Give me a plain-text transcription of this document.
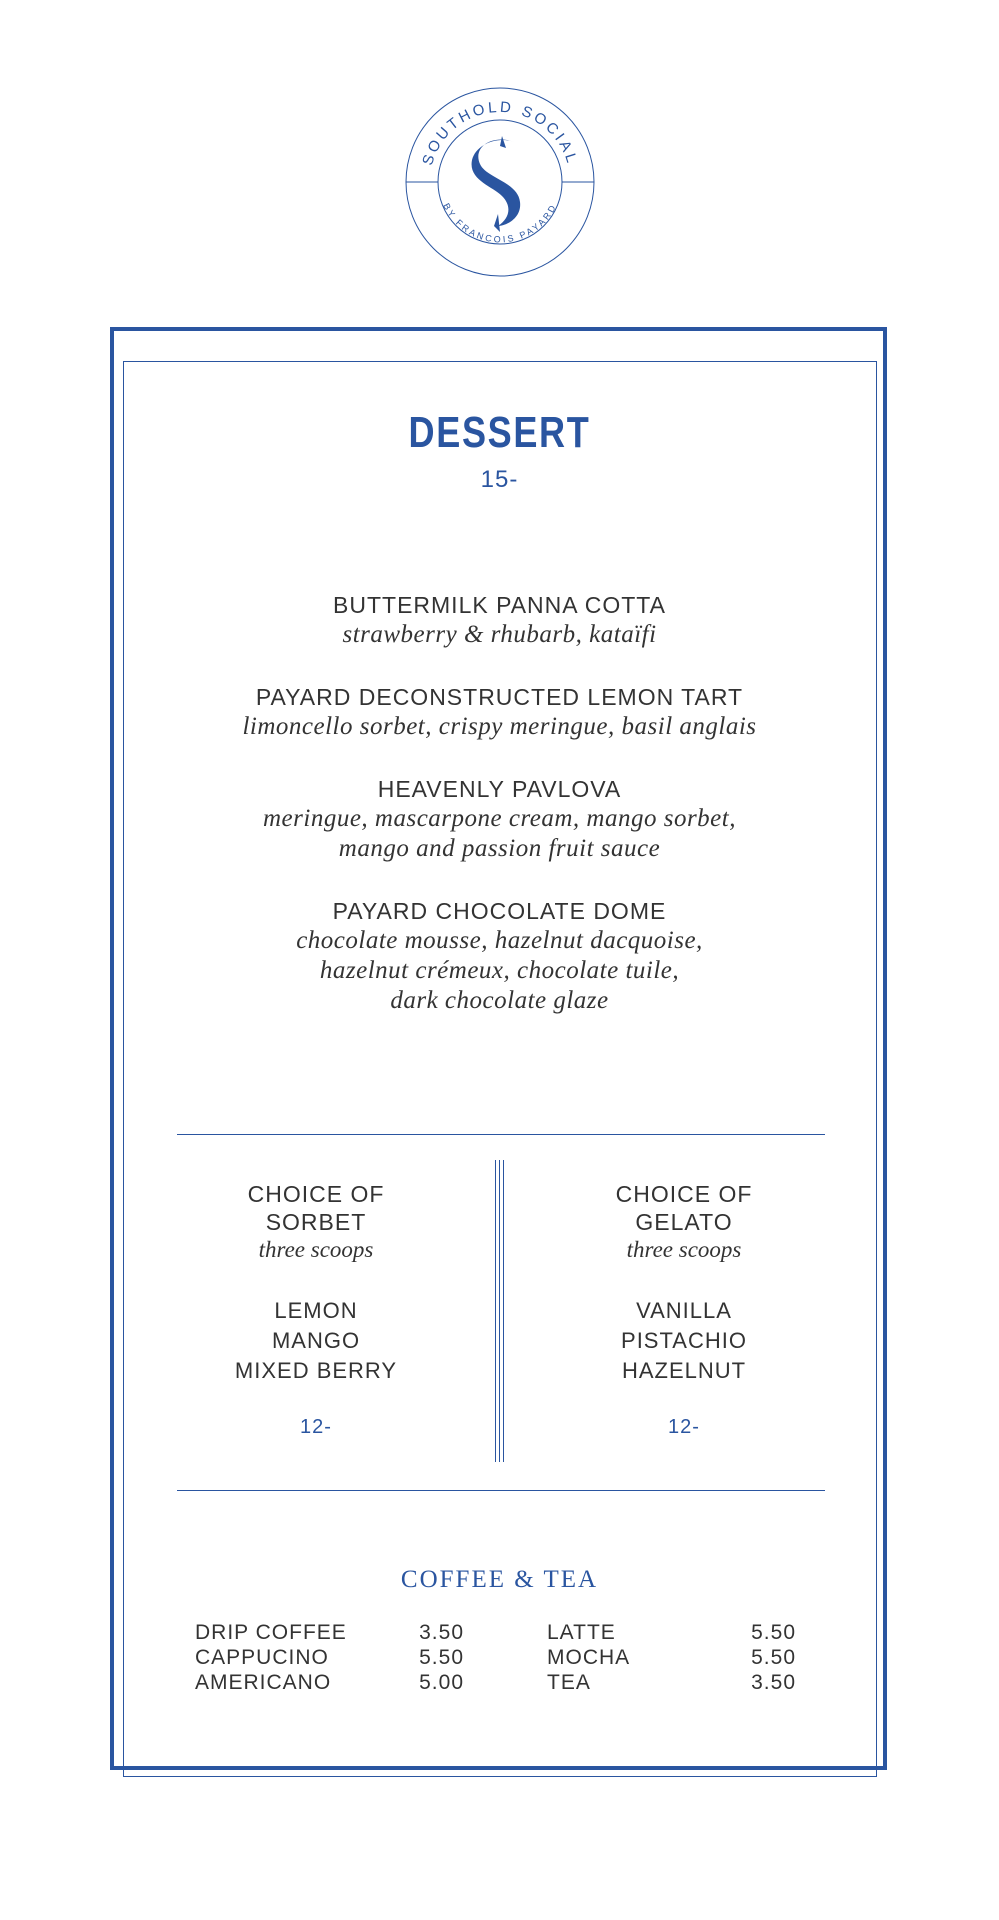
SOUTHOLD SOCIAL
BY FRANCOIS PAYARD
DESSERT
15-
BUTTERMILK PANNA COTTA
strawberry & rhubarb, kataïfi
PAYARD DECONSTRUCTED LEMON TART
limoncello sorbet, crispy meringue, basil anglais
HEAVENLY PAVLOVA
meringue, mascarpone cream, mango sorbet,
mango and passion fruit sauce
PAYARD CHOCOLATE DOME
chocolate mousse, hazelnut dacquoise,
hazelnut crémeux, chocolate tuile,
dark chocolate glaze
CHOICE OF
SORBET
three scoops
LEMON
MANGO
MIXED BERRY
12-
CHOICE OF
GELATO
three scoops
VANILLA
PISTACHIO
HAZELNUT
12-
COFFEE & TEA
DRIP COFFEE	3.50
CAPPUCINO	5.50
AMERICANO	5.00
LATTE	5.50
MOCHA	5.50
TEA	3.50
